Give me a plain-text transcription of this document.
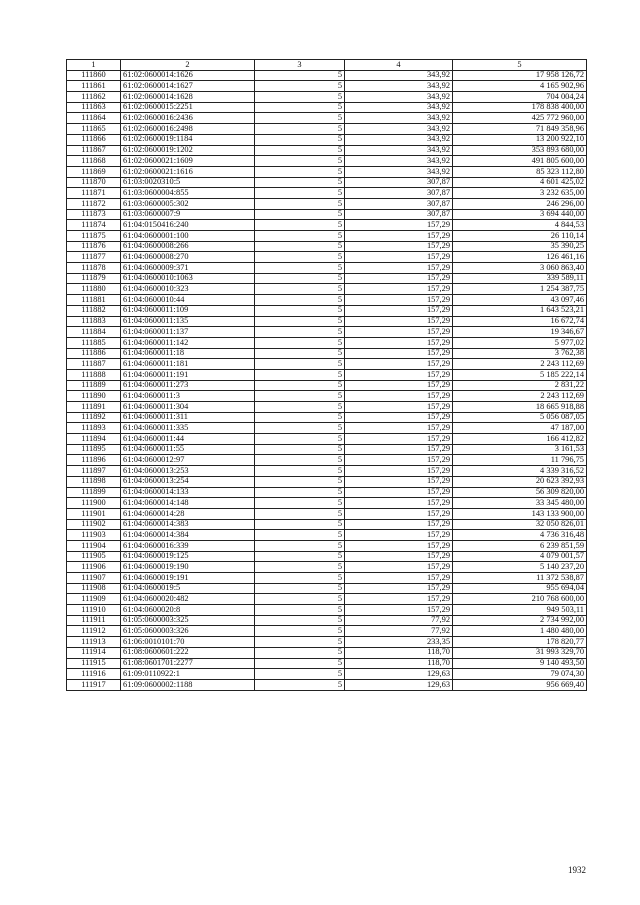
1	2	3	4	5
111860	61:02:0600014:1626	5	343,92	17 958 126,72
111861	61:02:0600014:1627	5	343,92	4 165 902,96
111862	61:02:0600014:1628	5	343,92	704 004,24
111863	61:02:0600015:2251	5	343,92	178 838 400,00
111864	61:02:0600016:2436	5	343,92	425 772 960,00
111865	61:02:0600016:2498	5	343,92	71 849 358,96
111866	61:02:0600019:1184	5	343,92	13 200 922,10
111867	61:02:0600019:1202	5	343,92	353 893 680,00
111868	61:02:0600021:1609	5	343,92	491 805 600,00
111869	61:02:0600021:1616	5	343,92	85 323 112,80
111870	61:03:0020310:5	5	307,87	4 601 425,02
111871	61:03:0600004:855	5	307,87	3 232 635,00
111872	61:03:0600005:302	5	307,87	246 296,00
111873	61:03:0600007:9	5	307,87	3 694 440,00
111874	61:04:0150416:240	5	157,29	4 844,53
111875	61:04:0600001:100	5	157,29	26 110,14
111876	61:04:0600008:266	5	157,29	35 390,25
111877	61:04:0600008:270	5	157,29	126 461,16
111878	61:04:0600009:371	5	157,29	3 060 863,40
111879	61:04:0600010:1063	5	157,29	339 589,11
111880	61:04:0600010:323	5	157,29	1 254 387,75
111881	61:04:0600010:44	5	157,29	43 097,46
111882	61:04:0600011:109	5	157,29	1 643 523,21
111883	61:04:0600011:135	5	157,29	16 672,74
111884	61:04:0600011:137	5	157,29	19 346,67
111885	61:04:0600011:142	5	157,29	5 977,02
111886	61:04:0600011:18	5	157,29	3 762,38
111887	61:04:0600011:181	5	157,29	2 243 112,69
111888	61:04:0600011:191	5	157,29	5 185 222,14
111889	61:04:0600011:273	5	157,29	2 831,22
111890	61:04:0600011:3	5	157,29	2 243 112,69
111891	61:04:0600011:304	5	157,29	18 665 918,88
111892	61:04:0600011:311	5	157,29	5 056 087,05
111893	61:04:0600011:335	5	157,29	47 187,00
111894	61:04:0600011:44	5	157,29	166 412,82
111895	61:04:0600011:55	5	157,29	3 161,53
111896	61:04:0600012:97	5	157,29	11 796,75
111897	61:04:0600013:253	5	157,29	4 339 316,52
111898	61:04:0600013:254	5	157,29	20 623 392,93
111899	61:04:0600014:133	5	157,29	56 309 820,00
111900	61:04:0600014:148	5	157,29	33 345 480,00
111901	61:04:0600014:28	5	157,29	143 133 900,00
111902	61:04:0600014:383	5	157,29	32 050 826,01
111903	61:04:0600014:384	5	157,29	4 736 316,48
111904	61:04:0600016:339	5	157,29	6 239 851,59
111905	61:04:0600019:125	5	157,29	4 079 001,57
111906	61:04:0600019:190	5	157,29	5 140 237,20
111907	61:04:0600019:191	5	157,29	11 372 538,87
111908	61:04:0600019:5	5	157,29	955 694,04
111909	61:04:0600020:482	5	157,29	210 768 600,00
111910	61:04:0600020:8	5	157,29	949 503,11
111911	61:05:0600003:325	5	77,92	2 734 992,00
111912	61:05:0600003:326	5	77,92	1 480 480,00
111913	61:06:0010101:70	5	233,35	178 820,77
111914	61:08:0600601:222	5	118,70	31 993 329,70
111915	61:08:0601701:2277	5	118,70	9 140 493,50
111916	61:09:0110922:1	5	129,63	79 074,30
111917	61:09:0600002:1188	5	129,63	956 669,40
1932
